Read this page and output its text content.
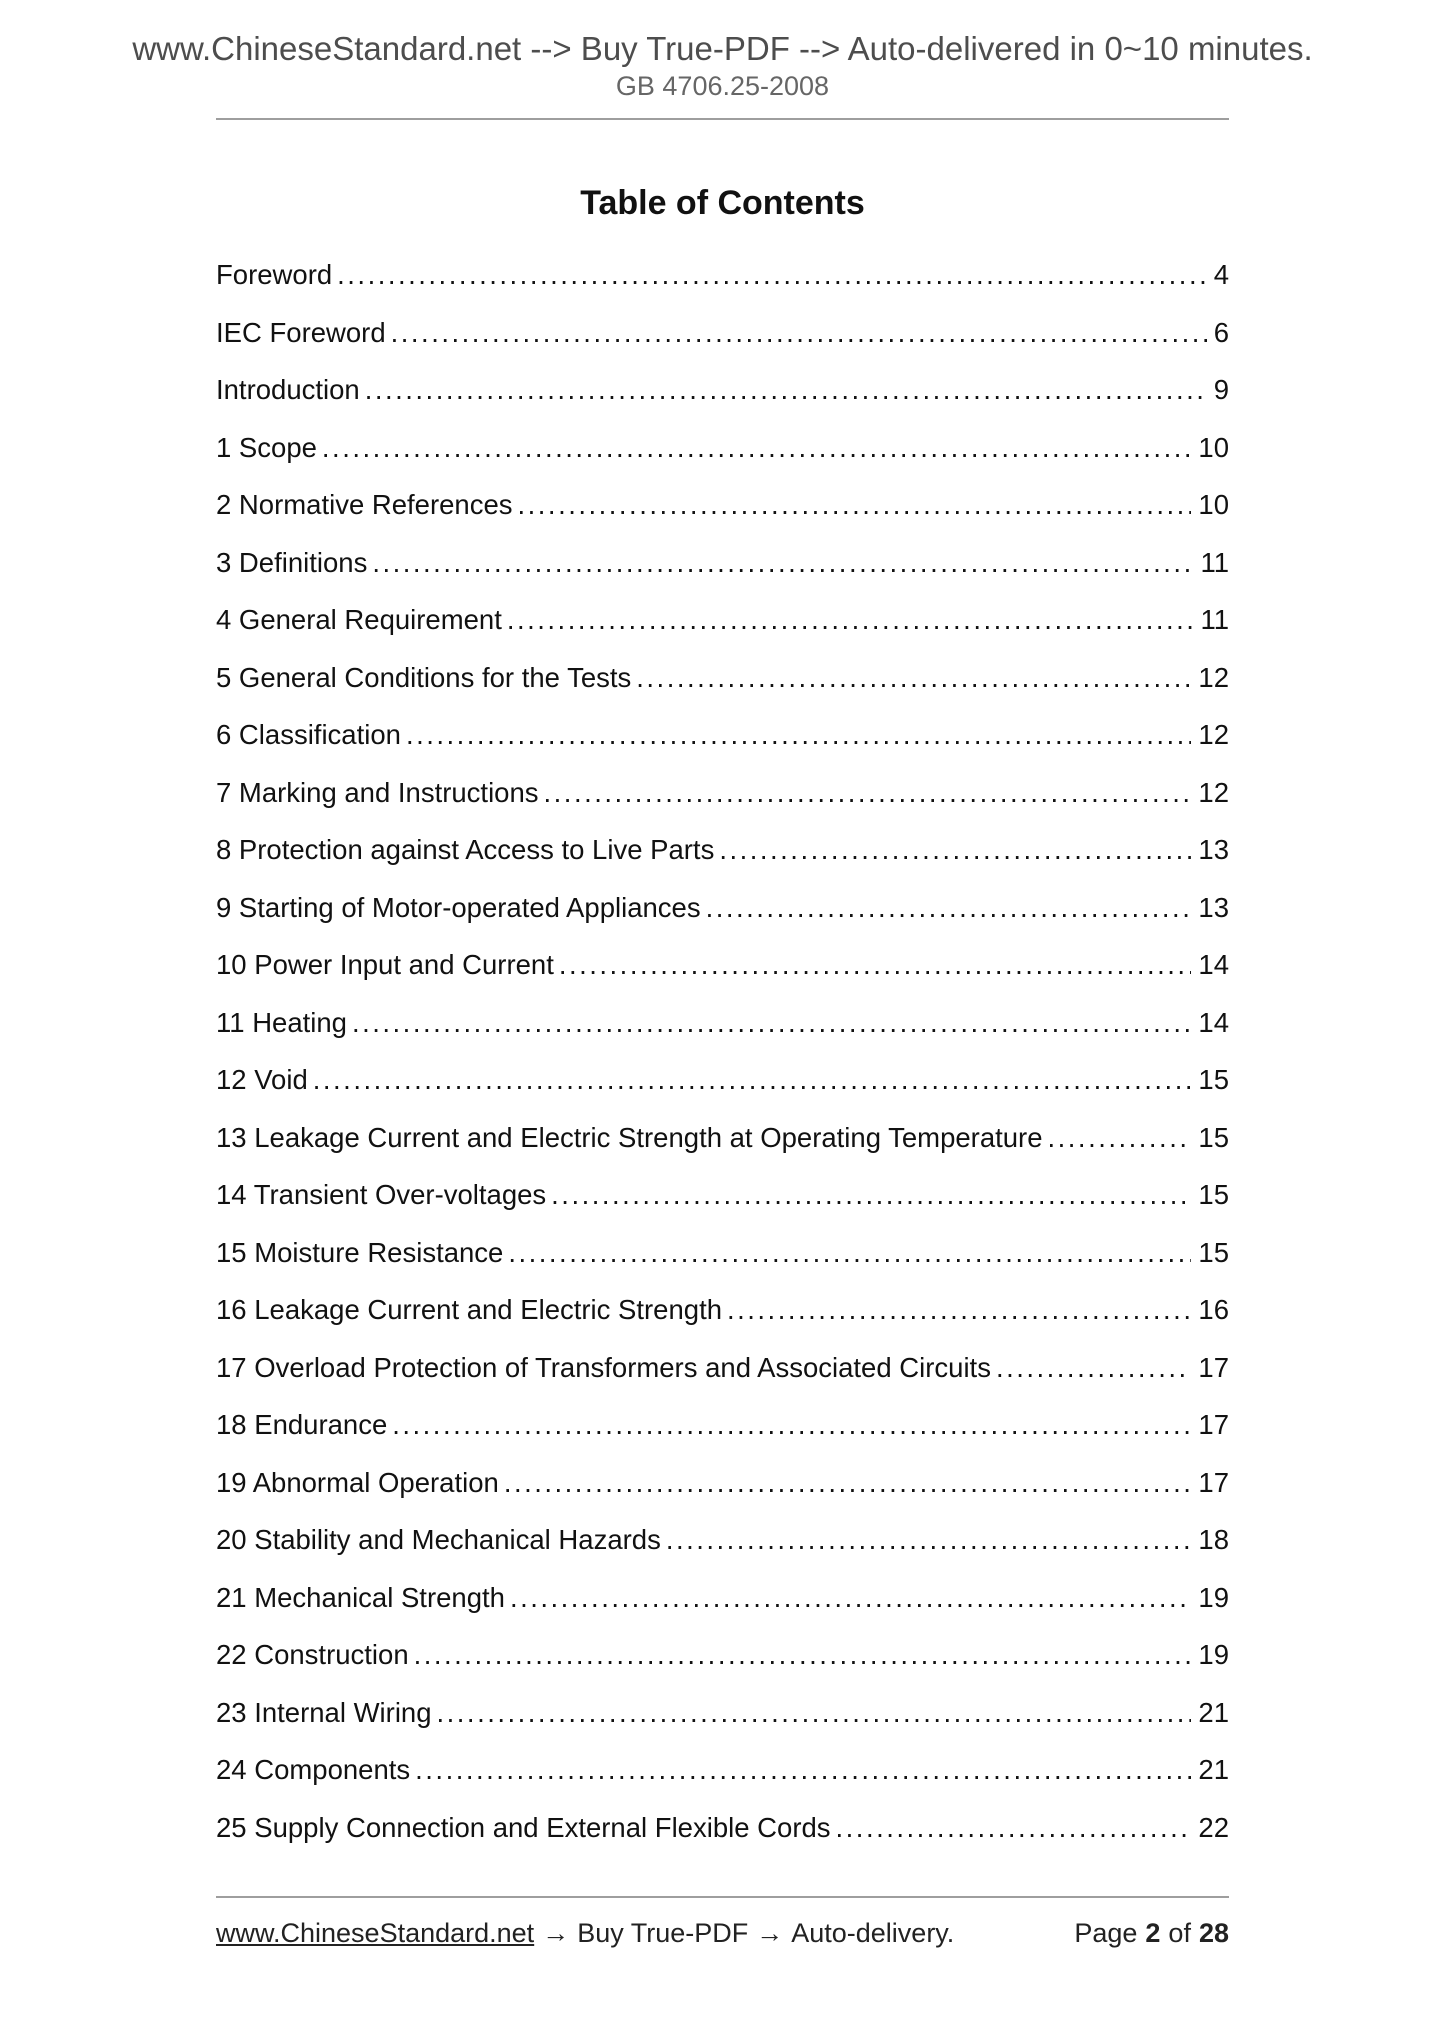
www.ChineseStandard.net --> Buy True-PDF --> Auto-delivered in 0~10 minutes.
GB 4706.25-2008
Table of Contents
Foreword .....	4
IEC Foreword .....	6
Introduction .....	9
1 Scope .....	10
2 Normative References .....	10
3 Definitions .....	11
4 General Requirement .....	11
5 General Conditions for the Tests .....	12
6 Classification .....	12
7 Marking and Instructions .....	12
8 Protection against Access to Live Parts .....	13
9 Starting of Motor-operated Appliances .....	13
10 Power Input and Current .....	14
11 Heating .....	14
12 Void .....	15
13 Leakage Current and Electric Strength at Operating Temperature .....	15
14 Transient Over-voltages .....	15
15 Moisture Resistance .....	15
16 Leakage Current and Electric Strength .....	16
17 Overload Protection of Transformers and Associated Circuits .....	17
18 Endurance .....	17
19 Abnormal Operation .....	17
20 Stability and Mechanical Hazards .....	18
21 Mechanical Strength .....	19
22 Construction .....	19
23 Internal Wiring .....	21
24 Components .....	21
25 Supply Connection and External Flexible Cords .....	22
www.ChineseStandard.net → Buy True-PDF → Auto-delivery.	Page 2 of 28
